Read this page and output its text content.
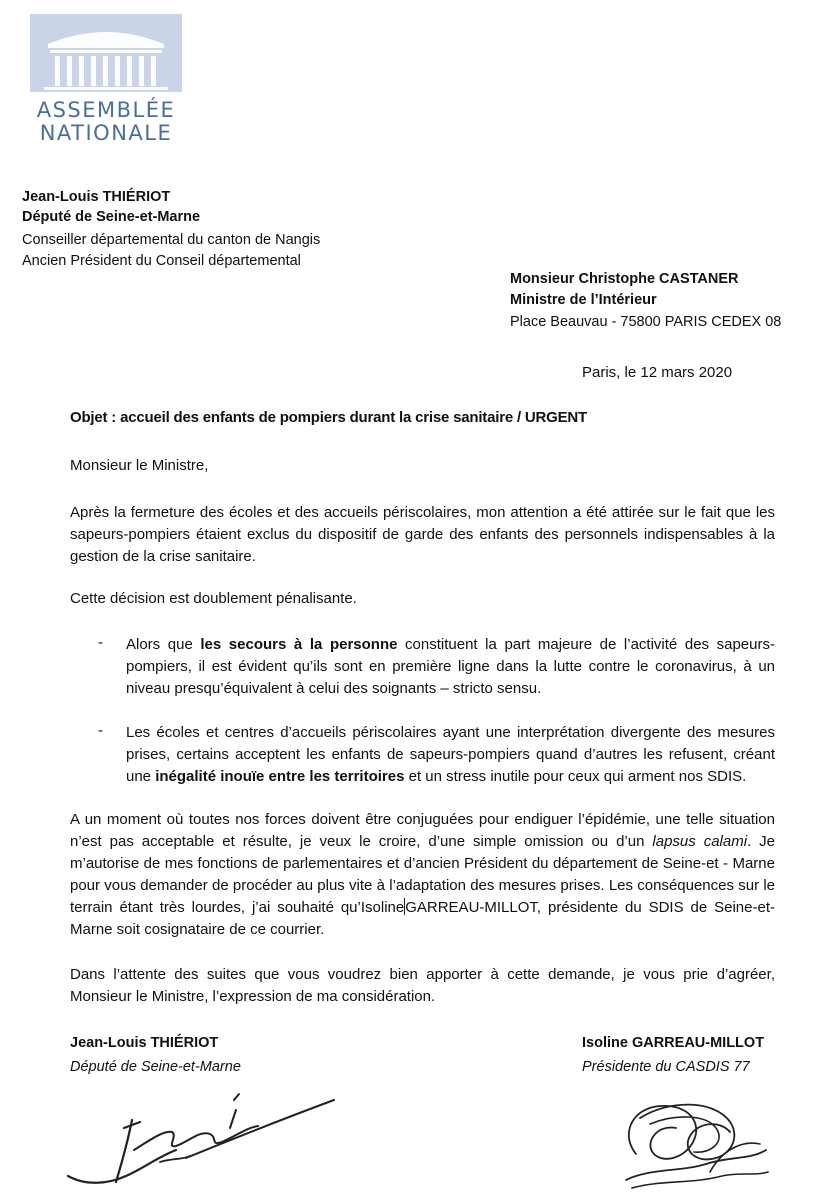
ASSEMBLÉE
NATIONALE
Jean-Louis THIÉRIOT
Député de Seine-et-Marne
Conseiller départemental du canton de Nangis
Ancien Président du Conseil départemental
Monsieur Christophe CASTANER
Ministre de l’Intérieur
Place Beauvau - 75800 PARIS CEDEX 08
Paris, le 12 mars 2020
Objet : accueil des enfants de pompiers durant la crise sanitaire / URGENT
Monsieur le Ministre,
Après la fermeture des écoles et des accueils périscolaires, mon attention a été attirée sur le fait que les sapeurs-pompiers étaient exclus du dispositif de garde des enfants des personnels indispensables à la gestion de la crise sanitaire.
Cette décision est doublement pénalisante.
- Alors que les secours à la personne constituent la part majeure de l’activité des sapeurs-pompiers, il est évident qu’ils sont en première ligne dans la lutte contre le coronavirus, à un niveau presqu’équivalent à celui des soignants – stricto sensu.
- Les écoles et centres d’accueils périscolaires ayant une interprétation divergente des mesures prises, certains acceptent les enfants de sapeurs-pompiers quand d’autres les refusent, créant une inégalité inouïe entre les territoires et un stress inutile pour ceux qui arment nos SDIS.
A un moment où toutes nos forces doivent être conjuguées pour endiguer l’épidémie, une telle situation n’est pas acceptable et résulte, je veux le croire, d’une simple omission ou d’un lapsus calami. Je m’autorise de mes fonctions de parlementaires et d’ancien Président du département de Seine-et - Marne pour vous demander de procéder au plus vite à l’adaptation des mesures prises. Les conséquences sur le terrain étant très lourdes, j’ai souhaité qu’IsolineGARREAU-MILLOT, présidente du SDIS de Seine-et-Marne soit cosignataire de ce courrier.
Dans l’attente des suites que vous voudrez bien apporter à cette demande, je vous prie d’agréer, Monsieur le Ministre, l’expression de ma considération.
Jean-Louis THIÉRIOT
Député de Seine-et-Marne
Isoline GARREAU-MILLOT
Présidente du CASDIS 77
